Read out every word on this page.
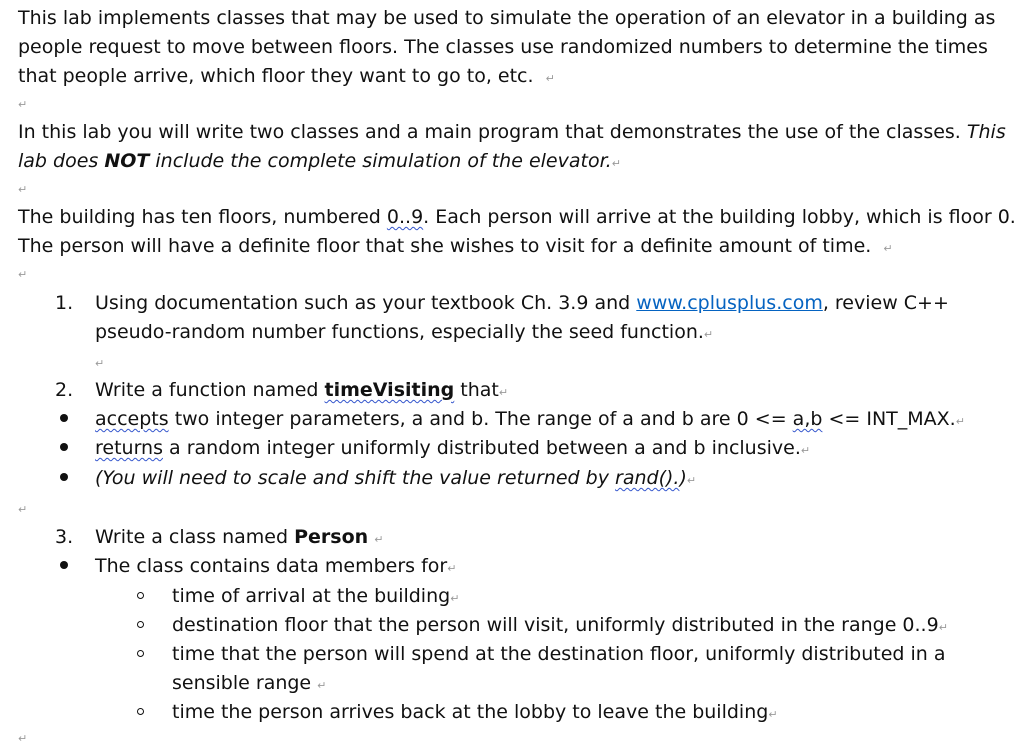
This lab implements classes that may be used to simulate the operation of an elevator in a building as
people request to move between floors. The classes use randomized numbers to determine the times
that people arrive, which floor they want to go to, etc. ↵
↵
In this lab you will write two classes and a main program that demonstrates the use of the classes. This
lab does NOT include the complete simulation of the elevator.↵
↵
The building has ten floors, numbered 0..9. Each person will arrive at the building lobby, which is floor 0.
The person will have a definite floor that she wishes to visit for a definite amount of time. ↵
↵
1. Using documentation such as your textbook Ch. 3.9 and www.cplusplus.com, review C++
pseudo-random number functions, especially the seed function.↵
↵
2. Write a function named timeVisiting that↵
accepts two integer parameters, a and b. The range of a and b are 0 <= a,b <= INT_MAX.↵
returns a random integer uniformly distributed between a and b inclusive.↵
(You will need to scale and shift the value returned by rand().)↵
↵
3. Write a class named Person ↵
The class contains data members for↵
time of arrival at the building↵
destination floor that the person will visit, uniformly distributed in the range 0..9↵
time that the person will spend at the destination floor, uniformly distributed in a
sensible range ↵
time the person arrives back at the lobby to leave the building↵
↵
